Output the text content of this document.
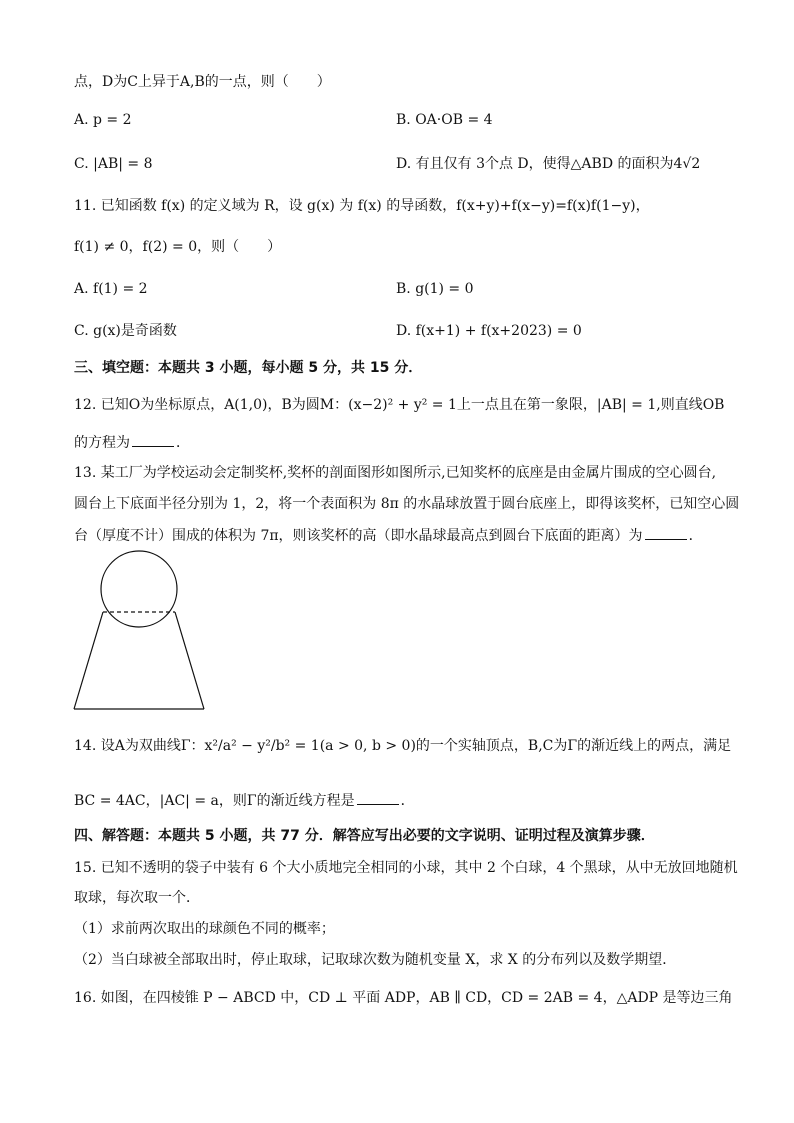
点，D为C上异于A,B的一点，则（　　）
A. p = 2	B. OA·OB = 4
C. |AB| = 8	D. 有且仅有 3个点 D，使得△ABD 的面积为4√2
11. 已知函数 f(x) 的定义域为 R，设 g(x) 为 f(x) 的导函数，f(x+y)+f(x−y)=f(x)f(1−y)，
f(1) ≠ 0，f(2) = 0，则（　　）
A. f(1) = 2	B. g(1) = 0
C. g(x)是奇函数	D. f(x+1) + f(x+2023) = 0
三、填空题：本题共 3 小题，每小题 5 分，共 15 分．
12. 已知O为坐标原点，A(1,0)，B为圆M：(x−2)² + y² = 1上一点且在第一象限，|AB| = 1,则直线OB
的方程为	．
13. 某工厂为学校运动会定制奖杯,奖杯的剖面图形如图所示,已知奖杯的底座是由金属片围成的空心圆台,
圆台上下底面半径分别为 1，2，将一个表面积为 8π 的水晶球放置于圆台底座上，即得该奖杯，已知空心圆
台（厚度不计）围成的体积为 7π，则该奖杯的高（即水晶球最高点到圆台下底面的距离）为	．
14. 设A为双曲线Γ：x²/a² − y²/b² = 1(a > 0, b > 0)的一个实轴顶点，B,C为Γ的渐近线上的两点，满足
BC = 4AC，|AC| = a，则Γ的渐近线方程是	．
四、解答题：本题共 5 小题，共 77 分．解答应写出必要的文字说明、证明过程及演算步骤．
15. 已知不透明的袋子中装有 6 个大小质地完全相同的小球，其中 2 个白球，4 个黑球，从中无放回地随机
取球，每次取一个．
（1）求前两次取出的球颜色不同的概率；
（2）当白球被全部取出时，停止取球，记取球次数为随机变量 X，求 X 的分布列以及数学期望．
16. 如图，在四棱锥 P − ABCD 中，CD ⊥ 平面 ADP，AB ∥ CD，CD = 2AB = 4，△ADP 是等边三角
